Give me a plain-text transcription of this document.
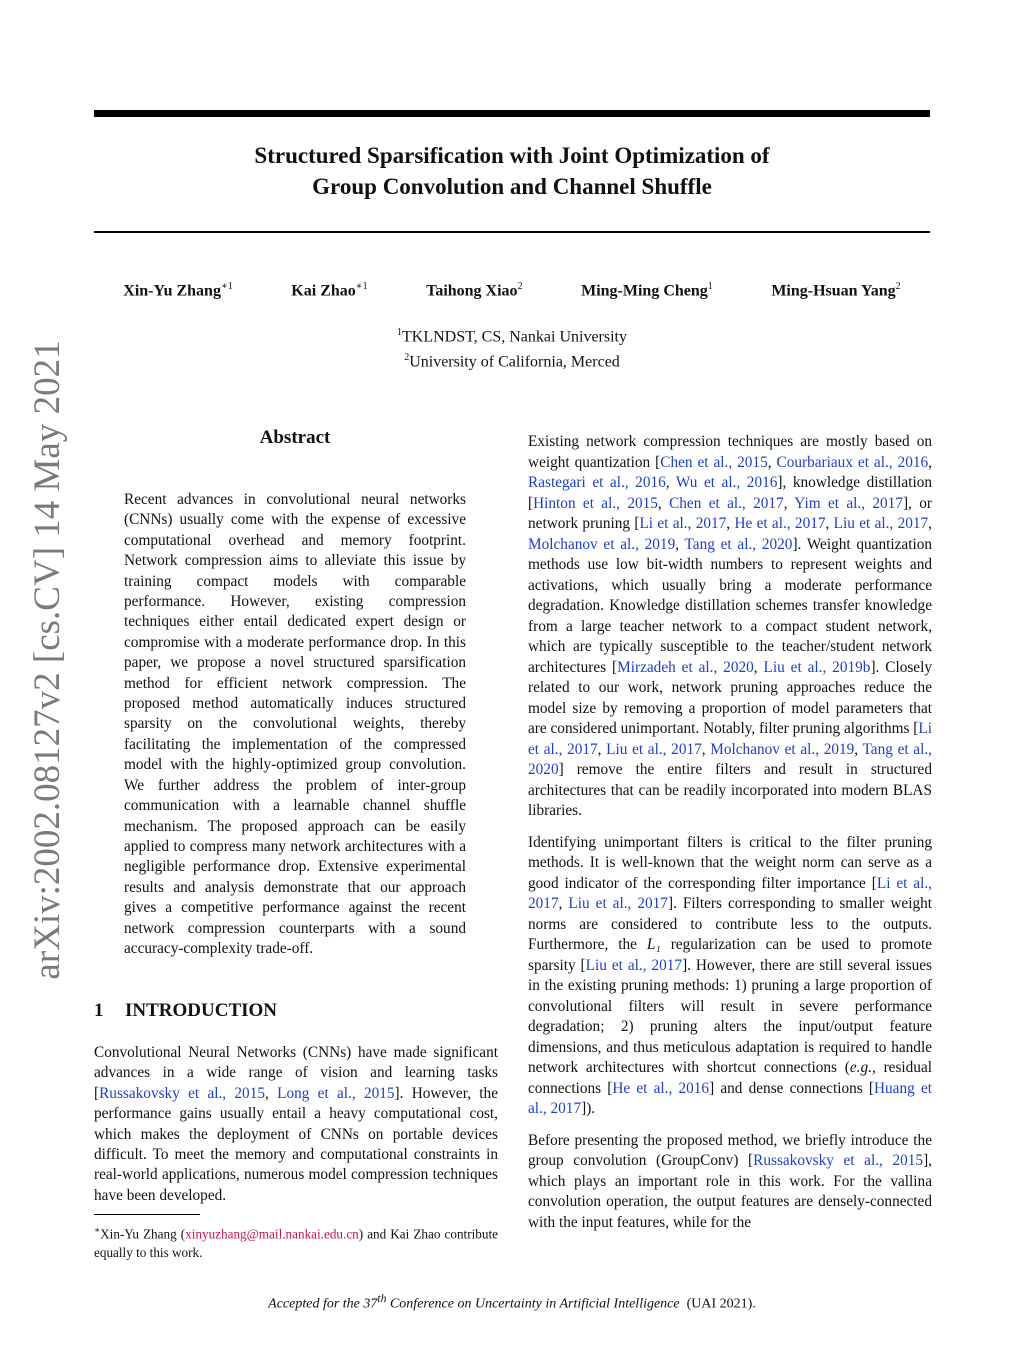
Structured Sparsification with Joint Optimization of
Group Convolution and Channel Shuffle
Xin-Yu Zhang$^{∗1}$	Kai Zhao$^{∗1}$	Taihong Xiao$^2$	Ming-Ming Cheng$^1$	Ming-Hsuan Yang$^2$
$^1$TKLNDST, CS, Nankai University
$^2$University of California, Merced
arXiv:2002.08127v2 [cs.CV] 14 May 2021	Abstract
Recent advances in convolutional neural networks (CNNs) usually come with the expense of excessive computational overhead and memory footprint. Network compression aims to alleviate this issue by training compact models with comparable performance. However, existing compression techniques either entail dedicated expert design or compromise with a moderate performance drop. In this paper, we propose a novel structured sparsification method for efficient network compression. The proposed method automatically induces structured sparsity on the convolutional weights, thereby facilitating the implementation of the compressed model with the highly-optimized group convolution. We further address the problem of inter-group communication with a learnable channel shuffle mechanism. The proposed approach can be easily applied to compress many network architectures with a negligible performance drop. Extensive experimental results and analysis demonstrate that our approach gives a competitive performance against the recent network compression counterparts with a sound accuracy-complexity trade-off.
1 INTRODUCTION
Convolutional Neural Networks (CNNs) have made significant advances in a wide range of vision and learning tasks [Russakovsky et al., 2015, Long et al., 2015]. However, the performance gains usually entail a heavy computational cost, which makes the deployment of CNNs on portable devices difficult. To meet the memory and computational constraints in real-world applications, numerous model compression techniques have been developed.
∗Xin-Yu Zhang (xinyuzhang@mail.nankai.edu.cn) and Kai Zhao contribute equally to this work.

Existing network compression techniques are mostly based on weight quantization [Chen et al., 2015, Courbariaux et al., 2016, Rastegari et al., 2016, Wu et al., 2016], knowledge distillation [Hinton et al., 2015, Chen et al., 2017, Yim et al., 2017], or network pruning [Li et al., 2017, He et al., 2017, Liu et al., 2017, Molchanov et al., 2019, Tang et al., 2020]. Weight quantization methods use low bit-width numbers to represent weights and activations, which usually bring a moderate performance degradation. Knowledge distillation schemes transfer knowledge from a large teacher network to a compact student network, which are typically susceptible to the teacher/student network architectures [Mirzadeh et al., 2020, Liu et al., 2019b]. Closely related to our work, network pruning approaches reduce the model size by removing a proportion of model parameters that are considered unimportant. Notably, filter pruning algorithms [Li et al., 2017, Liu et al., 2017, Molchanov et al., 2019, Tang et al., 2020] remove the entire filters and result in structured architectures that can be readily incorporated into modern BLAS libraries.

Identifying unimportant filters is critical to the filter pruning methods. It is well-known that the weight norm can serve as a good indicator of the corresponding filter importance [Li et al., 2017, Liu et al., 2017]. Filters corresponding to smaller weight norms are considered to contribute less to the outputs. Furthermore, the L₁ regularization can be used to promote sparsity [Liu et al., 2017]. However, there are still several issues in the existing pruning methods: 1) pruning a large proportion of convolutional filters will result in severe performance degradation; 2) pruning alters the input/output feature dimensions, and thus meticulous adaptation is required to handle network architectures with shortcut connections (e.g., residual connections [He et al., 2016] and dense connections [Huang et al., 2017]).

Before presenting the proposed method, we briefly introduce the group convolution (GroupConv) [Russakovsky et al., 2015], which plays an important role in this work. For the vallina convolution operation, the output features are densely-connected with the input features, while for the

Accepted for the 37th Conference on Uncertainty in Artificial Intelligence (UAI 2021).
